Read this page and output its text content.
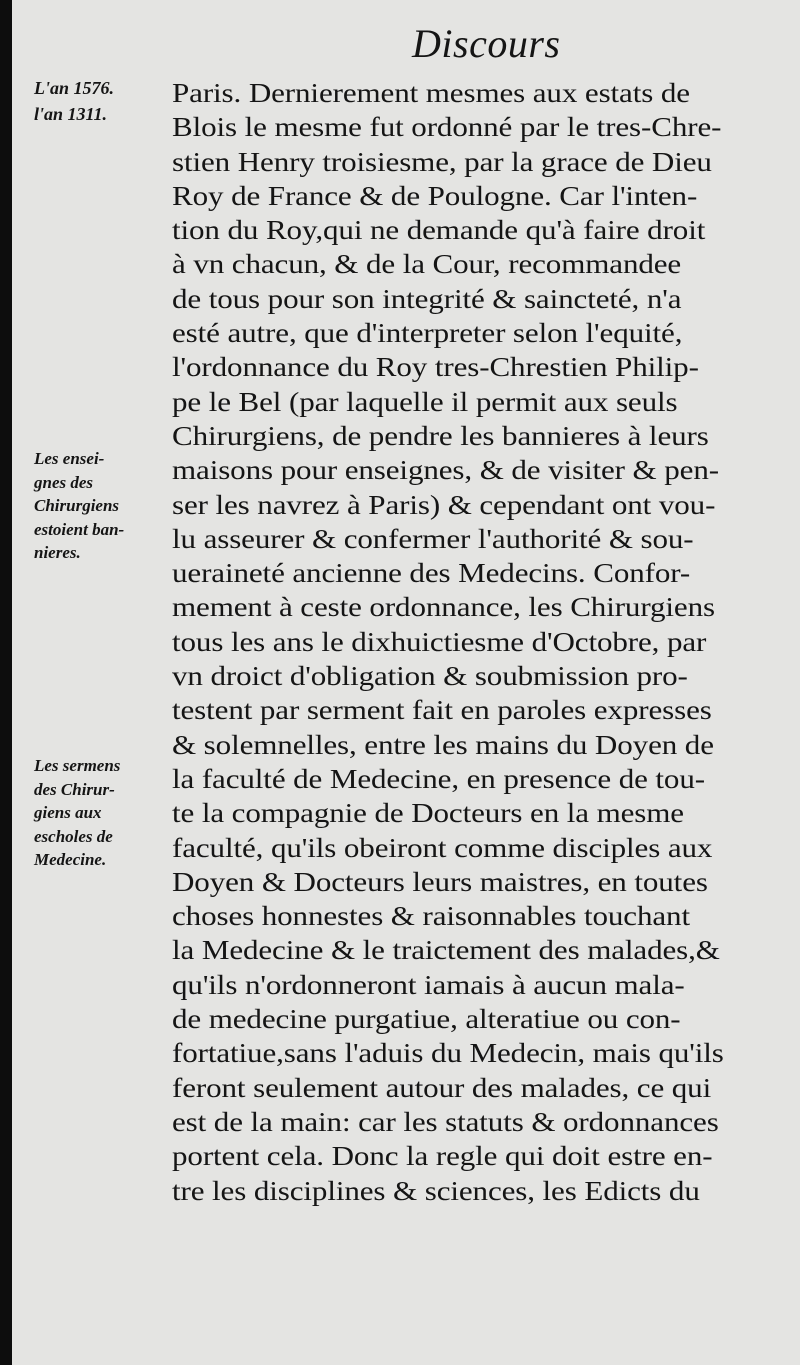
Discours
L'an 1576.
l'an 1311.
Les ensei-
gnes des
Chirurgiens
estoient ban-
nieres.
Les sermens
des Chirur-
giens aux
escholes de
Medecine.
Paris. Dernierement mesmes aux estats de
Blois le mesme fut ordonné par le tres-Chre-
stien Henry troisiesme, par la grace de Dieu
Roy de France & de Poulogne. Car l'inten-
tion du Roy,qui ne demande qu'à faire droit
à vn chacun, & de la Cour, recommandee
de tous pour son integrité & saincteté, n'a
esté autre, que d'interpreter selon l'equité,
l'ordonnance du Roy tres-Chrestien Philip-
pe le Bel (par laquelle il permit aux seuls
Chirurgiens, de pendre les bannieres à leurs
maisons pour enseignes, & de visiter & pen-
ser les navrez à Paris) & cependant ont vou-
lu asseurer & confermer l'authorité & sou-
ueraineté ancienne des Medecins. Confor-
mement à ceste ordonnance, les Chirurgiens
tous les ans le dixhuictiesme d'Octobre, par
vn droict d'obligation & soubmission pro-
testent par serment fait en paroles expresses
& solemnelles, entre les mains du Doyen de
la faculté de Medecine, en presence de tou-
te la compagnie de Docteurs en la mesme
faculté, qu'ils obeiront comme disciples aux
Doyen & Docteurs leurs maistres, en toutes
choses honnestes & raisonnables touchant
la Medecine & le traictement des malades,&
qu'ils n'ordonneront iamais à aucun mala-
de medecine purgatiue, alteratiue ou con-
fortatiue,sans l'aduis du Medecin, mais qu'ils
feront seulement autour des malades, ce qui
est de la main: car les statuts & ordonnances
portent cela. Donc la regle qui doit estre en-
tre les disciplines & sciences, les Edicts du
